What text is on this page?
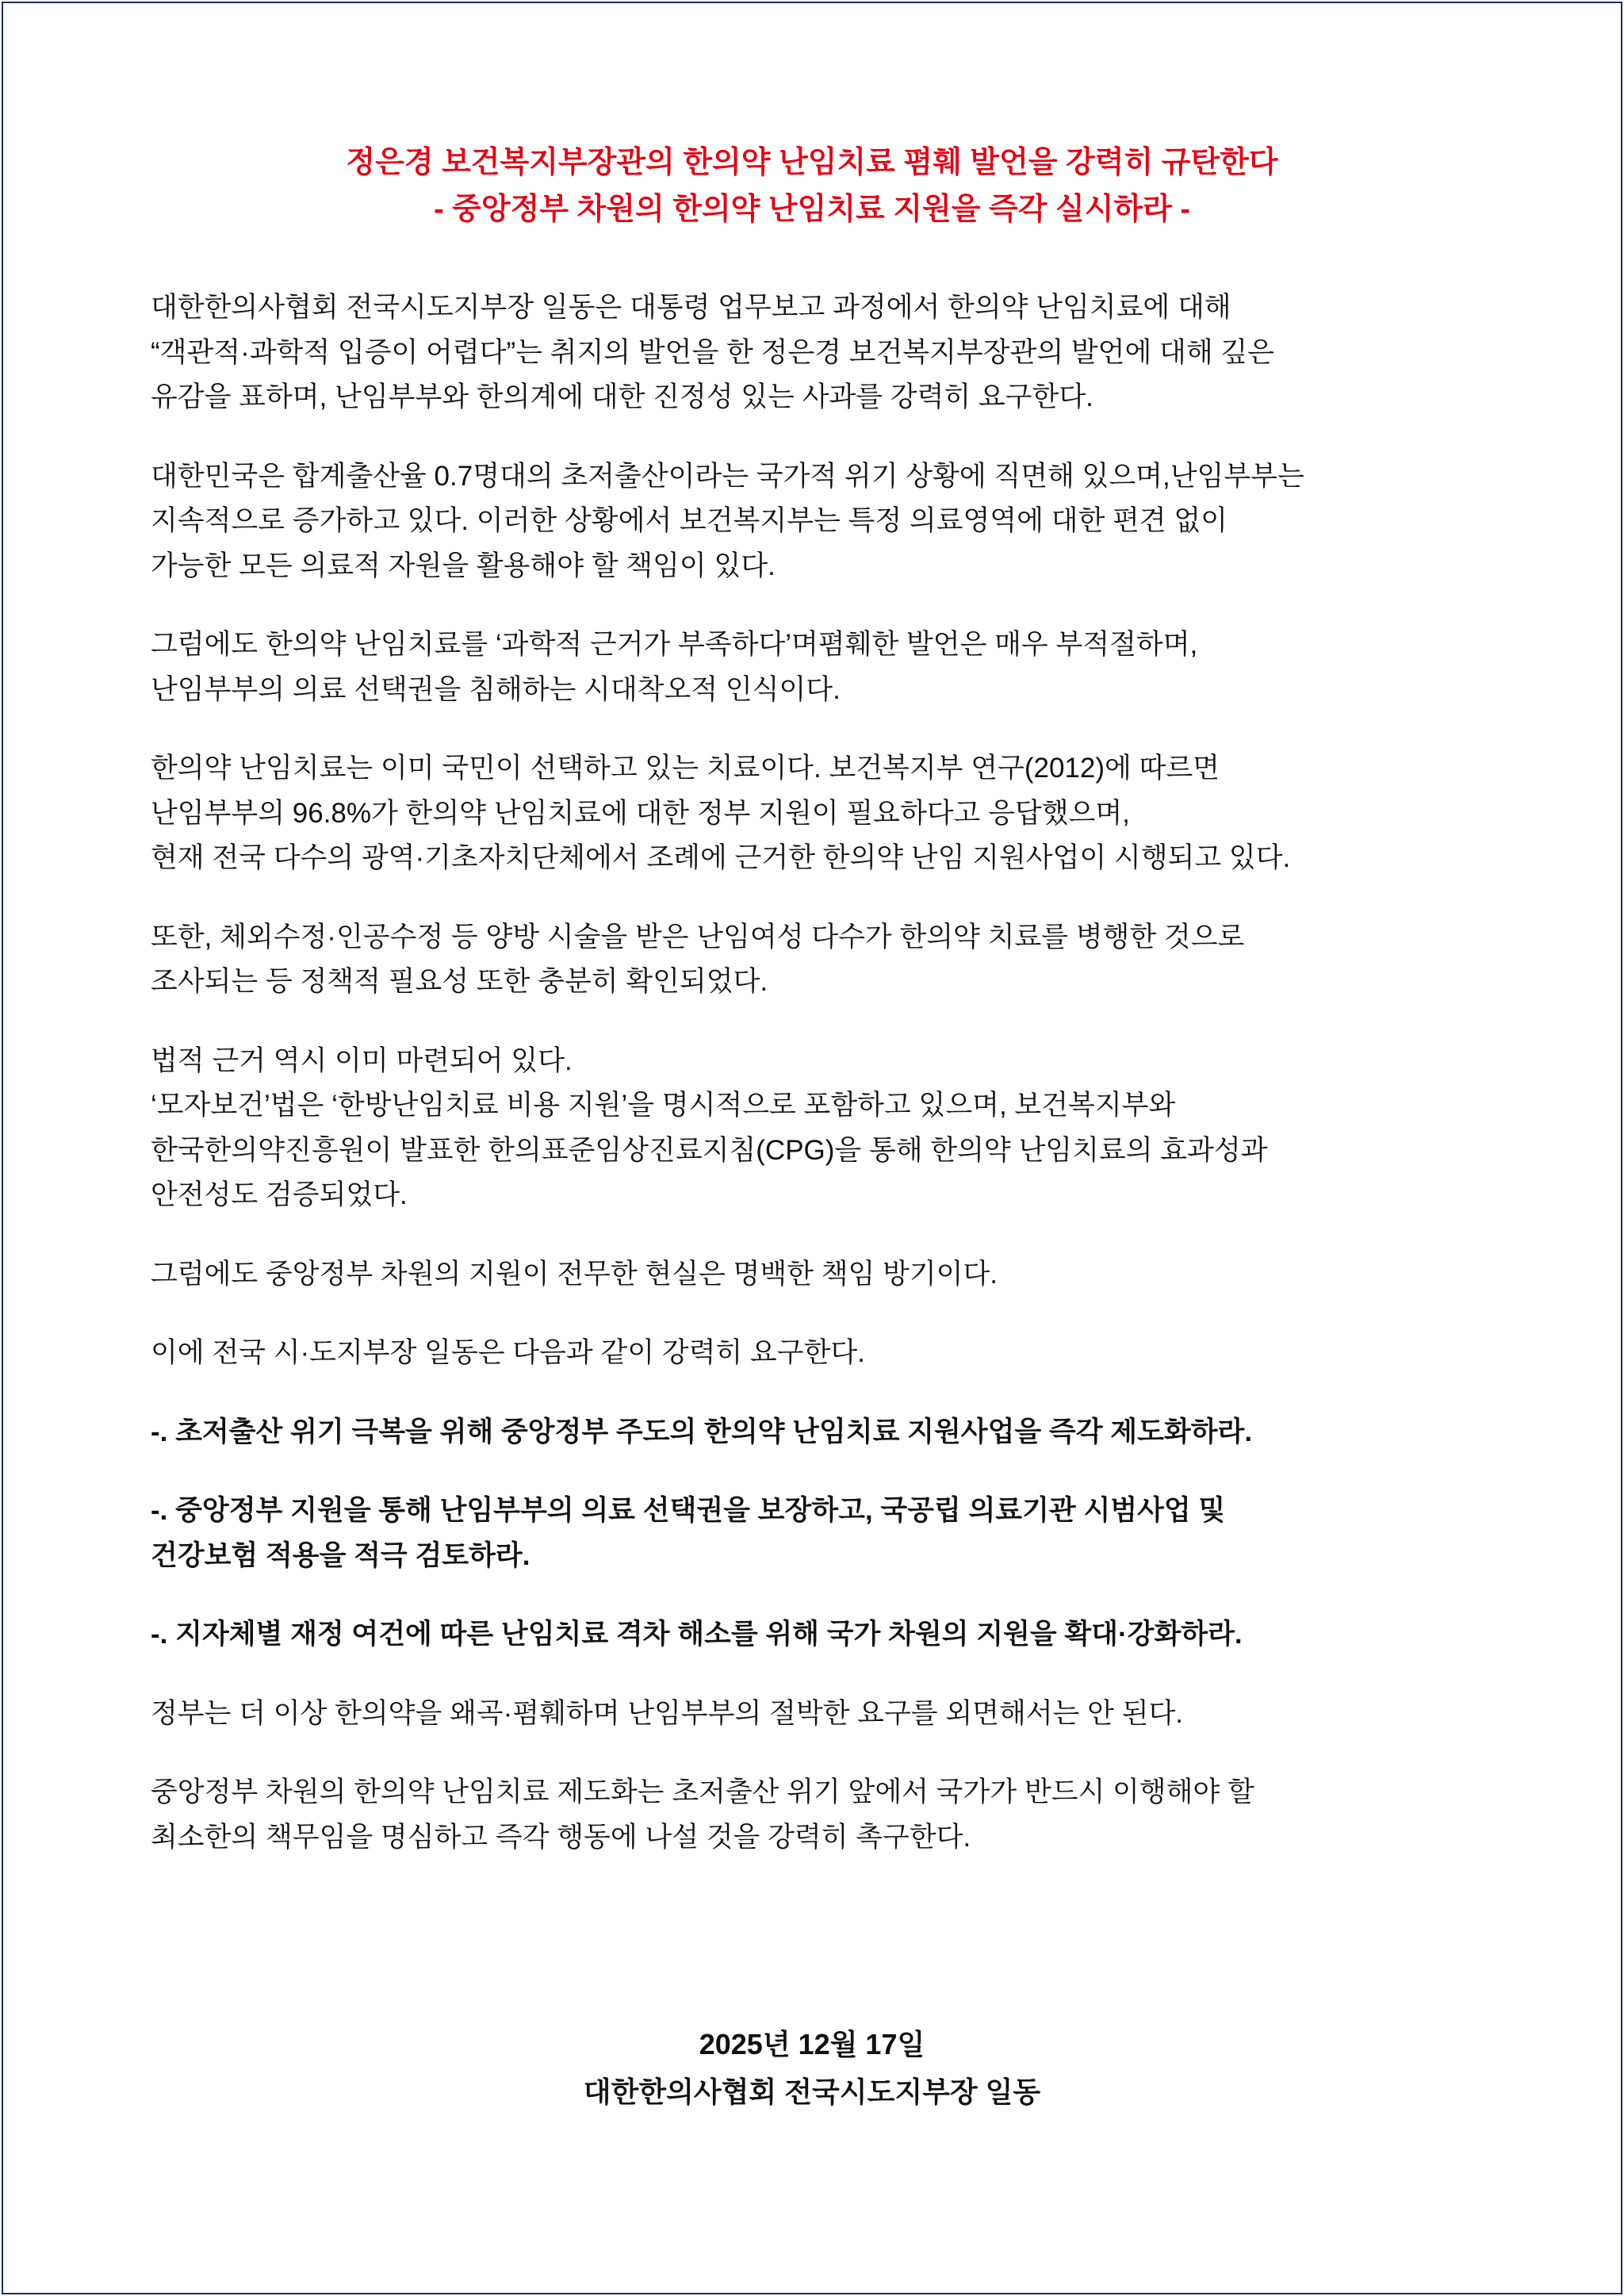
정은경 보건복지부장관의 한의약 난임치료 폄훼 발언을 강력히 규탄한다
- 중앙정부 차원의 한의약 난임치료 지원을 즉각 실시하라 -
대한한의사협회 전국시도지부장 일동은 대통령 업무보고 과정에서 한의약 난임치료에 대해
“객관적·과학적 입증이 어렵다”는 취지의 발언을 한 정은경 보건복지부장관의 발언에 대해 깊은
유감을 표하며, 난임부부와 한의계에 대한 진정성 있는 사과를 강력히 요구한다.
대한민국은 합계출산율 0.7명대의 초저출산이라는 국가적 위기 상황에 직면해 있으며,난임부부는
지속적으로 증가하고 있다. 이러한 상황에서 보건복지부는 특정 의료영역에 대한 편견 없이
가능한 모든 의료적 자원을 활용해야 할 책임이 있다.
그럼에도 한의약 난임치료를 ‘과학적 근거가 부족하다’며폄훼한 발언은 매우 부적절하며,
난임부부의 의료 선택권을 침해하는 시대착오적 인식이다.
한의약 난임치료는 이미 국민이 선택하고 있는 치료이다. 보건복지부 연구(2012)에 따르면
난임부부의 96.8%가 한의약 난임치료에 대한 정부 지원이 필요하다고 응답했으며,
현재 전국 다수의 광역·기초자치단체에서 조례에 근거한 한의약 난임 지원사업이 시행되고 있다.
또한, 체외수정·인공수정 등 양방 시술을 받은 난임여성 다수가 한의약 치료를 병행한 것으로
조사되는 등 정책적 필요성 또한 충분히 확인되었다.
법적 근거 역시 이미 마련되어 있다.
‘모자보건’법은 ‘한방난임치료 비용 지원’을 명시적으로 포함하고 있으며, 보건복지부와
한국한의약진흥원이 발표한 한의표준임상진료지침(CPG)을 통해 한의약 난임치료의 효과성과
안전성도 검증되었다.
그럼에도 중앙정부 차원의 지원이 전무한 현실은 명백한 책임 방기이다.
이에 전국 시·도지부장 일동은 다음과 같이 강력히 요구한다.
-. 초저출산 위기 극복을 위해 중앙정부 주도의 한의약 난임치료 지원사업을 즉각 제도화하라.
-. 중앙정부 지원을 통해 난임부부의 의료 선택권을 보장하고, 국공립 의료기관 시범사업 및
건강보험 적용을 적극 검토하라.
-. 지자체별 재정 여건에 따른 난임치료 격차 해소를 위해 국가 차원의 지원을 확대·강화하라.
정부는 더 이상 한의약을 왜곡·폄훼하며 난임부부의 절박한 요구를 외면해서는 안 된다.
중앙정부 차원의 한의약 난임치료 제도화는 초저출산 위기 앞에서 국가가 반드시 이행해야 할
최소한의 책무임을 명심하고 즉각 행동에 나설 것을 강력히 촉구한다.
2025년 12월 17일
대한한의사협회 전국시도지부장 일동
